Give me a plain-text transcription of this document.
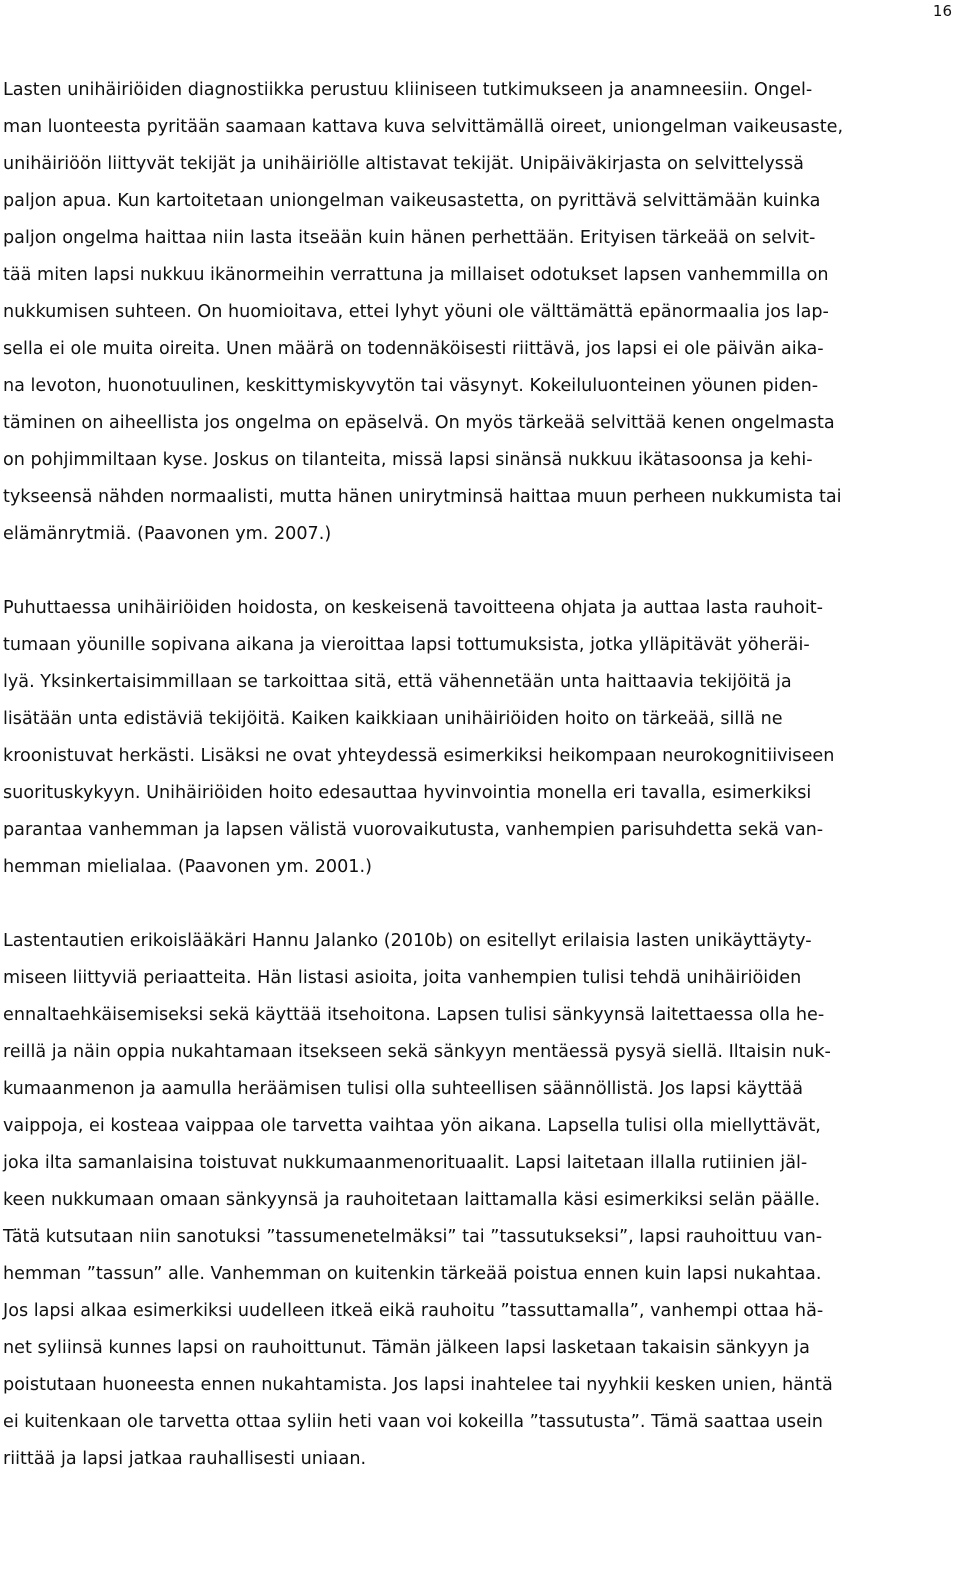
16
Lasten unihäiriöiden diagnostiikka perustuu kliiniseen tutkimukseen ja anamneesiin. Ongel-
man luonteesta pyritään saamaan kattava kuva selvittämällä oireet, uniongelman vaikeusaste,
unihäiriöön liittyvät tekijät ja unihäiriölle altistavat tekijät. Unipäiväkirjasta on selvittelyssä
paljon apua. Kun kartoitetaan uniongelman vaikeusastetta, on pyrittävä selvittämään kuinka
paljon ongelma haittaa niin lasta itseään kuin hänen perhettään. Erityisen tärkeää on selvit-
tää miten lapsi nukkuu ikänormeihin verrattuna ja millaiset odotukset lapsen vanhemmilla on
nukkumisen suhteen. On huomioitava, ettei lyhyt yöuni ole välttämättä epänormaalia jos lap-
sella ei ole muita oireita. Unen määrä on todennäköisesti riittävä, jos lapsi ei ole päivän aika-
na levoton, huonotuulinen, keskittymiskyvytön tai väsynyt. Kokeiluluonteinen yöunen piden-
täminen on aiheellista jos ongelma on epäselvä. On myös tärkeää selvittää kenen ongelmasta
on pohjimmiltaan kyse. Joskus on tilanteita, missä lapsi sinänsä nukkuu ikätasoonsa ja kehi-
tykseensä nähden normaalisti, mutta hänen unirytminsä haittaa muun perheen nukkumista tai
elämänrytmiä. (Paavonen ym. 2007.)
Puhuttaessa unihäiriöiden hoidosta, on keskeisenä tavoitteena ohjata ja auttaa lasta rauhoit-
tumaan yöunille sopivana aikana ja vieroittaa lapsi tottumuksista, jotka ylläpitävät yöheräi-
lyä. Yksinkertaisimmillaan se tarkoittaa sitä, että vähennetään unta haittaavia tekijöitä ja
lisätään unta edistäviä tekijöitä. Kaiken kaikkiaan unihäiriöiden hoito on tärkeää, sillä ne
kroonistuvat herkästi. Lisäksi ne ovat yhteydessä esimerkiksi heikompaan neurokognitiiviseen
suorituskykyyn. Unihäiriöiden hoito edesauttaa hyvinvointia monella eri tavalla, esimerkiksi
parantaa vanhemman ja lapsen välistä vuorovaikutusta, vanhempien parisuhdetta sekä van-
hemman mielialaa. (Paavonen ym. 2001.)
Lastentautien erikoislääkäri Hannu Jalanko (2010b) on esitellyt erilaisia lasten unikäyttäyty-
miseen liittyviä periaatteita. Hän listasi asioita, joita vanhempien tulisi tehdä unihäiriöiden
ennaltaehkäisemiseksi sekä käyttää itsehoitona. Lapsen tulisi sänkyynsä laitettaessa olla he-
reillä ja näin oppia nukahtamaan itsekseen sekä sänkyyn mentäessä pysyä siellä. Iltaisin nuk-
kumaanmenon ja aamulla heräämisen tulisi olla suhteellisen säännöllistä. Jos lapsi käyttää
vaippoja, ei kosteaa vaippaa ole tarvetta vaihtaa yön aikana. Lapsella tulisi olla miellyttävät,
joka ilta samanlaisina toistuvat nukkumaanmenorituaalit. Lapsi laitetaan illalla rutiinien jäl-
keen nukkumaan omaan sänkyynsä ja rauhoitetaan laittamalla käsi esimerkiksi selän päälle.
Tätä kutsutaan niin sanotuksi ”tassumenetelmäksi” tai ”tassutukseksi”, lapsi rauhoittuu van-
hemman ”tassun” alle. Vanhemman on kuitenkin tärkeää poistua ennen kuin lapsi nukahtaa.
Jos lapsi alkaa esimerkiksi uudelleen itkeä eikä rauhoitu ”tassuttamalla”, vanhempi ottaa hä-
net syliinsä kunnes lapsi on rauhoittunut. Tämän jälkeen lapsi lasketaan takaisin sänkyyn ja
poistutaan huoneesta ennen nukahtamista. Jos lapsi inahtelee tai nyyhkii kesken unien, häntä
ei kuitenkaan ole tarvetta ottaa syliin heti vaan voi kokeilla ”tassutusta”. Tämä saattaa usein
riittää ja lapsi jatkaa rauhallisesti uniaan.
